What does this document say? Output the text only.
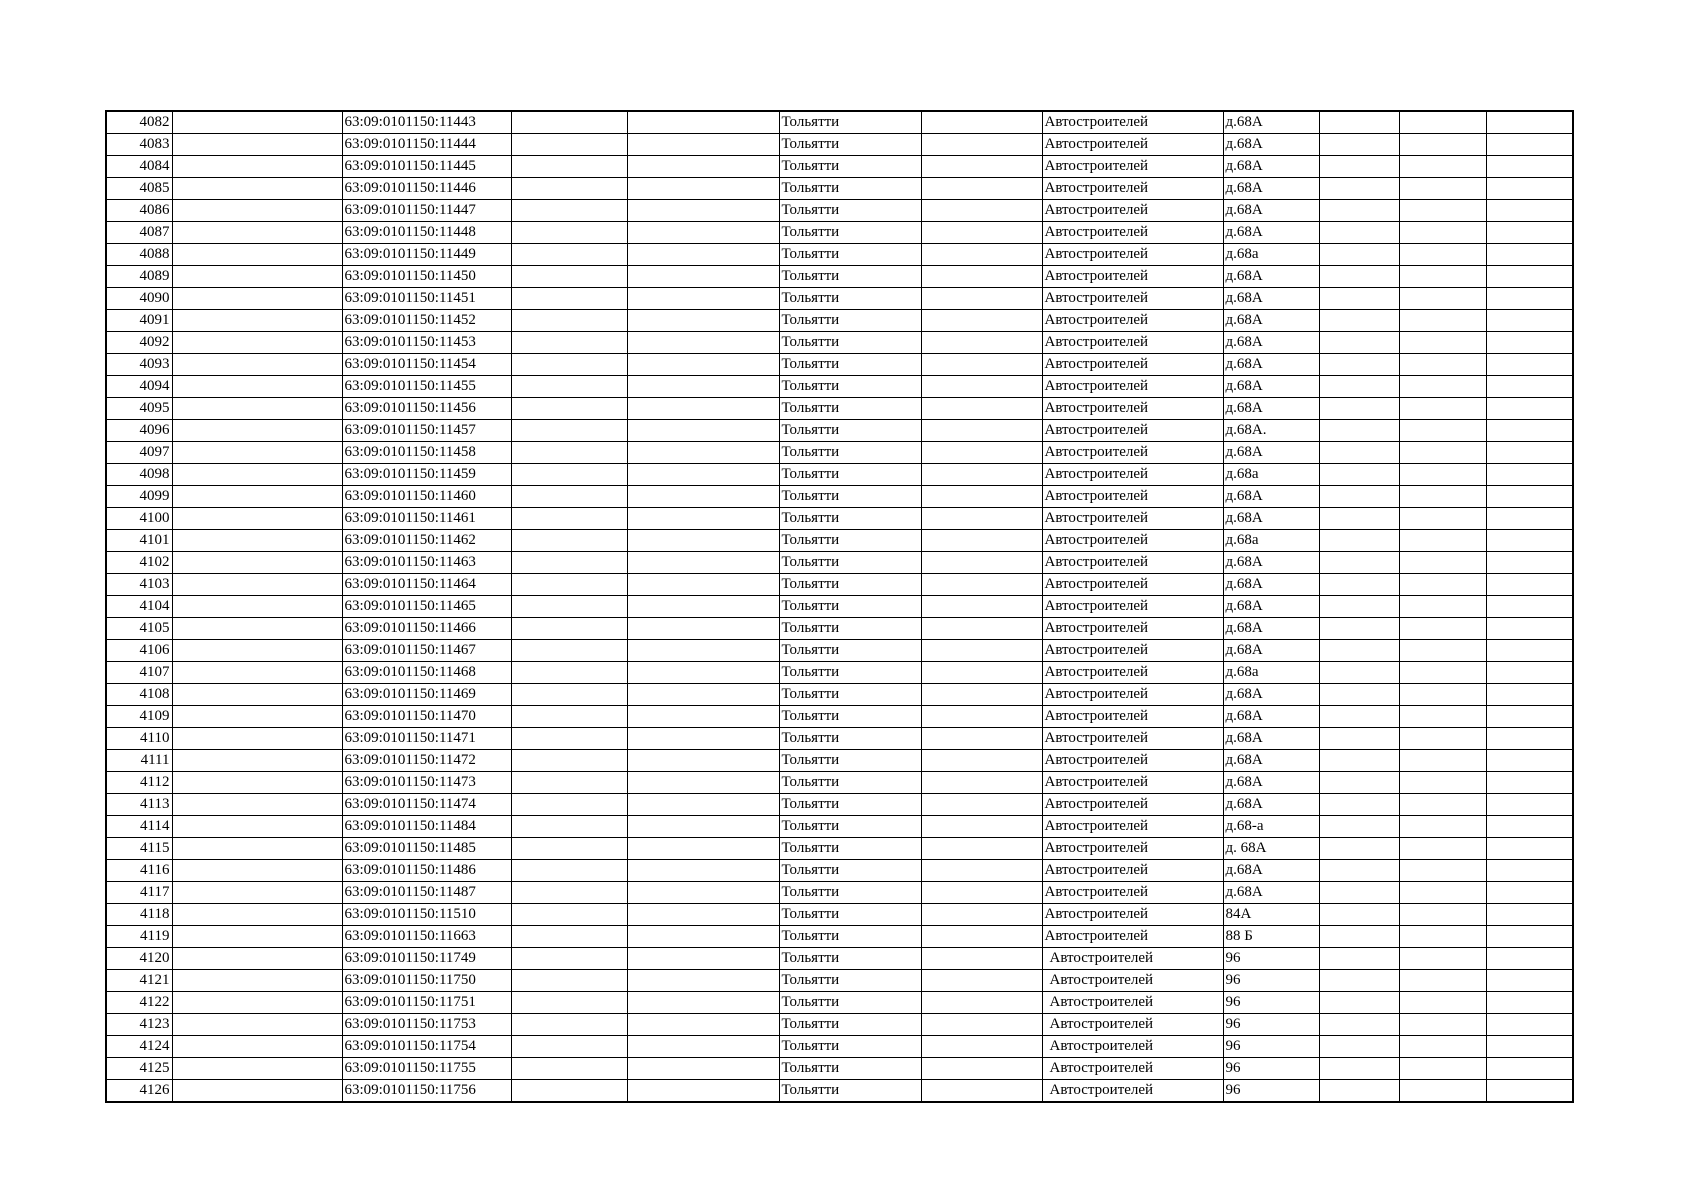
4082		63:09:0101150:11443			Тольятти		Автостроителей	д.68А			
4083		63:09:0101150:11444			Тольятти		Автостроителей	д.68А			
4084		63:09:0101150:11445			Тольятти		Автостроителей	д.68А			
4085		63:09:0101150:11446			Тольятти		Автостроителей	д.68А			
4086		63:09:0101150:11447			Тольятти		Автостроителей	д.68А			
4087		63:09:0101150:11448			Тольятти		Автостроителей	д.68А			
4088		63:09:0101150:11449			Тольятти		Автостроителей	д.68а			
4089		63:09:0101150:11450			Тольятти		Автостроителей	д.68А			
4090		63:09:0101150:11451			Тольятти		Автостроителей	д.68А			
4091		63:09:0101150:11452			Тольятти		Автостроителей	д.68А			
4092		63:09:0101150:11453			Тольятти		Автостроителей	д.68А			
4093		63:09:0101150:11454			Тольятти		Автостроителей	д.68А			
4094		63:09:0101150:11455			Тольятти		Автостроителей	д.68А			
4095		63:09:0101150:11456			Тольятти		Автостроителей	д.68А			
4096		63:09:0101150:11457			Тольятти		Автостроителей	д.68А.			
4097		63:09:0101150:11458			Тольятти		Автостроителей	д.68А			
4098		63:09:0101150:11459			Тольятти		Автостроителей	д.68а			
4099		63:09:0101150:11460			Тольятти		Автостроителей	д.68А			
4100		63:09:0101150:11461			Тольятти		Автостроителей	д.68А			
4101		63:09:0101150:11462			Тольятти		Автостроителей	д.68а			
4102		63:09:0101150:11463			Тольятти		Автостроителей	д.68А			
4103		63:09:0101150:11464			Тольятти		Автостроителей	д.68А			
4104		63:09:0101150:11465			Тольятти		Автостроителей	д.68А			
4105		63:09:0101150:11466			Тольятти		Автостроителей	д.68А			
4106		63:09:0101150:11467			Тольятти		Автостроителей	д.68А			
4107		63:09:0101150:11468			Тольятти		Автостроителей	д.68а			
4108		63:09:0101150:11469			Тольятти		Автостроителей	д.68А			
4109		63:09:0101150:11470			Тольятти		Автостроителей	д.68А			
4110		63:09:0101150:11471			Тольятти		Автостроителей	д.68А			
4111		63:09:0101150:11472			Тольятти		Автостроителей	д.68А			
4112		63:09:0101150:11473			Тольятти		Автостроителей	д.68А			
4113		63:09:0101150:11474			Тольятти		Автостроителей	д.68А			
4114		63:09:0101150:11484			Тольятти		Автостроителей	д.68-а			
4115		63:09:0101150:11485			Тольятти		Автостроителей	д. 68А			
4116		63:09:0101150:11486			Тольятти		Автостроителей	д.68А			
4117		63:09:0101150:11487			Тольятти		Автостроителей	д.68А			
4118		63:09:0101150:11510			Тольятти		Автостроителей	84А			
4119		63:09:0101150:11663			Тольятти		Автостроителей	88 Б			
4120		63:09:0101150:11749			Тольятти		Автостроителей	96			
4121		63:09:0101150:11750			Тольятти		Автостроителей	96			
4122		63:09:0101150:11751			Тольятти		Автостроителей	96			
4123		63:09:0101150:11753			Тольятти		Автостроителей	96			
4124		63:09:0101150:11754			Тольятти		Автостроителей	96			
4125		63:09:0101150:11755			Тольятти		Автостроителей	96			
4126		63:09:0101150:11756			Тольятти		Автостроителей	96			
